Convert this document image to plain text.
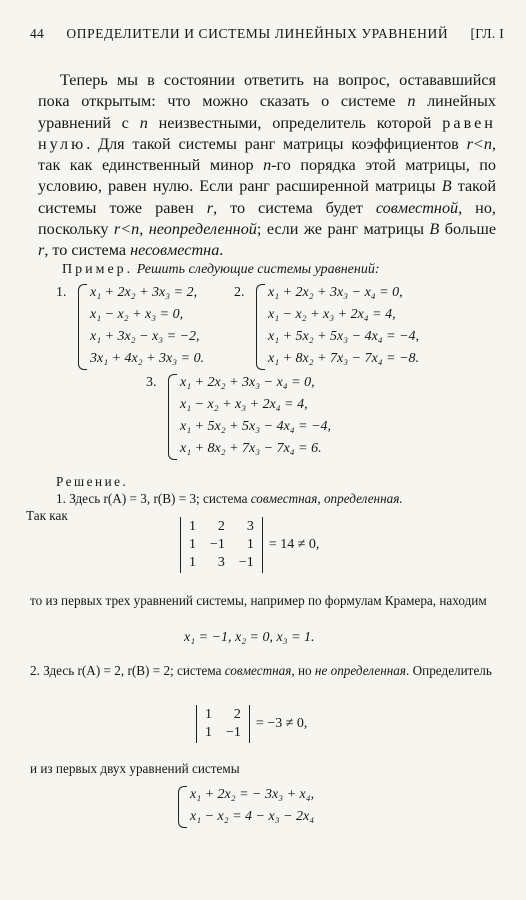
44 ОПРЕДЕЛИТЕЛИ И СИСТЕМЫ ЛИНЕЙНЫХ УРАВНЕНИЙ [ГЛ. I

Теперь мы в состоянии ответить на вопрос, остававшийся пока открытым: что можно сказать о системе n линейных уравнений с n неизвестными, определитель которой равен нулю. Для такой системы ранг матрицы коэффициентов r<n, так как единственный минор n-го порядка этой матрицы, по условию, равен нулю. Если ранг расширенной матрицы B такой системы тоже равен r, то система будет совместной, но, поскольку r<n, неопределенной; если же ранг матрицы B больше r, то система несовместна.

Пример. Решить следующие системы уравнений:
1. x₁ + 2x₂ + 3x₃ = 2,
x₁ − x₂ + x₃ = 0,
x₁ + 3x₂ − x₃ = −2,
3x₁ + 4x₂ + 3x₃ = 0.
2. x₁ + 2x₂ + 3x₃ − x₄ = 0,
x₁ − x₂ + x₃ + 2x₄ = 4,
x₁ + 5x₂ + 5x₃ − 4x₄ = −4,
x₁ + 8x₂ + 7x₃ − 7x₄ = −8.
3. x₁ + 2x₂ + 3x₃ − x₄ = 0,
x₁ − x₂ + x₃ + 2x₄ = 4,
x₁ + 5x₂ + 5x₃ − 4x₄ = −4,
x₁ + 8x₂ + 7x₃ − 7x₄ = 6.
Решение.
1. Здесь r(A) = 3, r(B) = 3; система совместная, определенная.
Так как
1	2	3
1 −1	1
1	3 −1
= 14 ≠ 0,
то из первых трех уравнений системы, например по формулам Крамера, находим
x₁ = −1, x₂ = 0, x₃ = 1.
2. Здесь r(A) = 2, r(B) = 2; система совместная, но не определенная. Определитель
1	2
1 −1
= −3 ≠ 0,
и из первых двух уравнений системы
x₁ + 2x₂ = − 3x₃ + x₄,
x₁ − x₂ = 4 − x₃ − 2x₄
